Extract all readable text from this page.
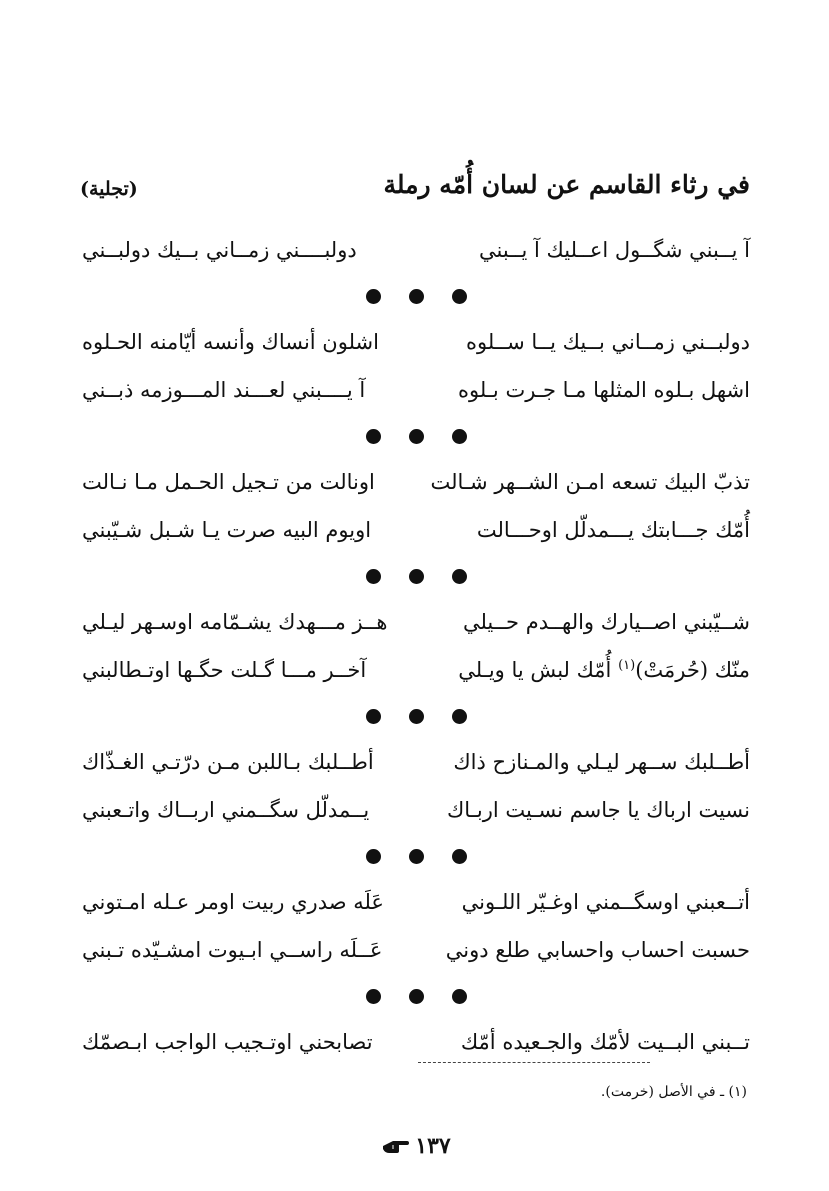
في رثاء القاسم عن لسان أُمّه رملة
(تجلية)
آ يــبني شگــول اعــليك آ يــبني
دولبــــني زمــاني بــيك دولبــني
دولبــني زمــاني بــيك يــا ســلوه
اشلون أنساك وأنسه أيّامنه الحـلوه
اشهل بـلوه المثلها مـا جـرت بـلوه
آ يــــبني لعـــند المـــوزمه ذبــني
تذبّ البيك تسعه امـن الشــهر شـالت
اونالت من تـجيل الحـمل مـا نـالت
أُمّك جـــابتك يـــمدلّل اوحـــالت
اويوم البيه صرت يـا شـبل شـيّبني
شــيّبني اصــيارك والهــدم حــيلي
هــز مـــهدك يشـمّامه اوسـهر ليـلي
منّك (حُرمَتْ)$^{(١)}$ أُمّك لبش يا ويـلي
آخــر مـــا گـلت حگـها اوتـطالبني
أطــلبك ســهر ليـلي والمـنازح ذاك
أطــلبك بـاللبن مـن درّتـي الغـذّاك
نسيت ارباك يا جاسم نسـيت اربـاك
يــمدلّل سگــمني اربــاك واتـعبني
أتــعبني اوسگــمني اوغـيّر اللـوني
عَلَه صدري ربيت اومر عـله امـتوني
حسبت احساب واحسابي طلع دوني
عَــلَه راســي ابـيوت امشـيّده تـبني
تــبني البــيت لأمّك والجـعيده أمّك
تصابحني اوتـجيب الواجب ابـصمّك
(١) ـ في الأصل (خرمت).
١٣٧
